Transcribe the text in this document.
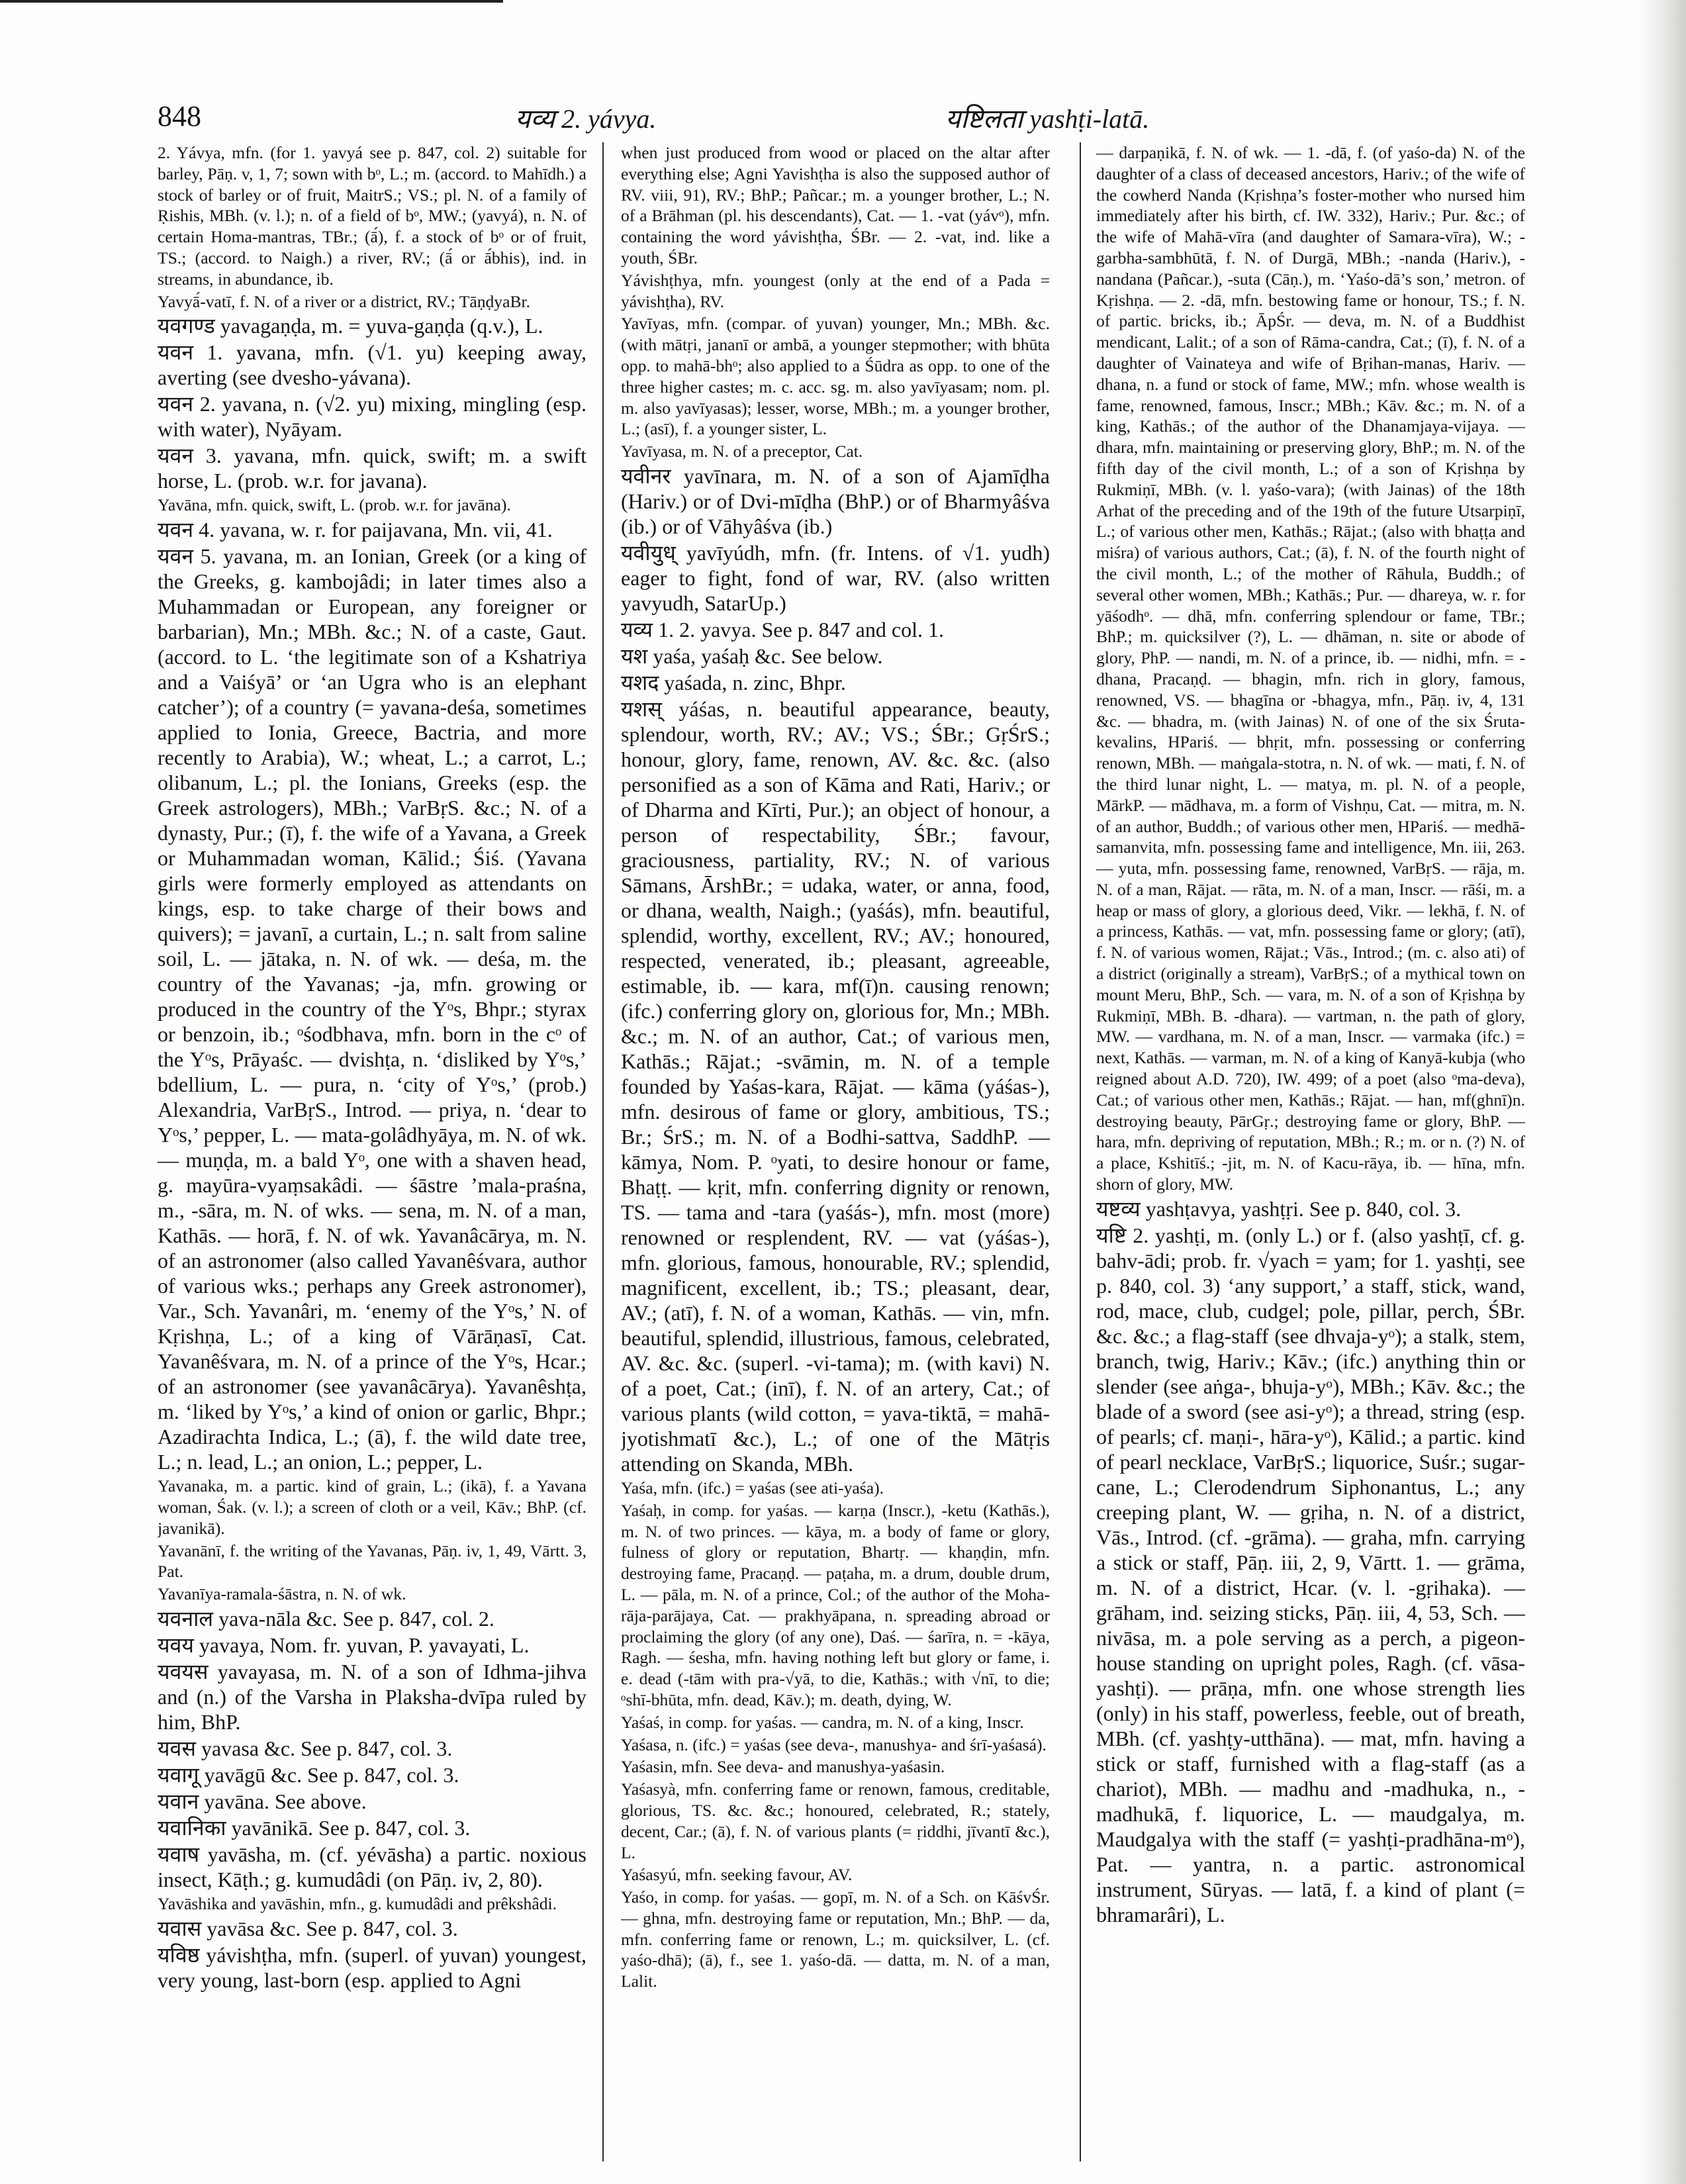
848	यव्य 2. yávya.	यष्टिलता yashṭi-latā.

2. Yávya, mfn. (for 1. yavyá see p. 847, col. 2) suitable for barley, Pāṇ. v, 1, 7; sown with bᵒ, L.; m. (accord. to Mahīdh.) a stock of barley or of fruit, MaitrS.; VS.; pl. N. of a family of Ṛishis, MBh. (v. l.); n. of a field of bᵒ, MW.; (yavyá), n. N. of certain Homa-mantras, TBr.; (ā́), f. a stock of bᵒ or of fruit, TS.; (accord. to Naigh.) a river, RV.; (ā́ or ā́bhis), ind. in streams, in abundance, ib.

Yavyā́-vatī, f. N. of a river or a district, RV.; TāṇḍyaBr.

यवगण्ड yavagaṇḍa, m. = yuva-gaṇḍa (q.v.), L.

यवन 1. yavana, mfn. (√1. yu) keeping away, averting (see dvesho-yávana).

यवन 2. yavana, n. (√2. yu) mixing, mingling (esp. with water), Nyāyam.

यवन 3. yavana, mfn. quick, swift; m. a swift horse, L. (prob. w.r. for javana).

Yavāna, mfn. quick, swift, L. (prob. w.r. for javāna).

यवन 4. yavana, w. r. for paijavana, Mn. vii, 41.

यवन 5. yavana, m. an Ionian, Greek (or a king of the Greeks, g. kambojâdi; in later times also a Muhammadan or European, any foreigner or barbarian), Mn.; MBh. &c.; N. of a caste, Gaut. (accord. to L. ‘the legitimate son of a Kshatriya and a Vaiśyā’ or ‘an Ugra who is an elephant catcher’); of a country (= yavana-deśa, sometimes applied to Ionia, Greece, Bactria, and more recently to Arabia), W.; wheat, L.; a carrot, L.; olibanum, L.; pl. the Ionians, Greeks (esp. the Greek astrologers), MBh.; VarBṛS. &c.; N. of a dynasty, Pur.; (ī), f. the wife of a Yavana, a Greek or Muhammadan woman, Kālid.; Śiś. (Yavana girls were formerly employed as attendants on kings, esp. to take charge of their bows and quivers); = javanī, a curtain, L.; n. salt from saline soil, L. — jātaka, n. N. of wk. — deśa, m. the country of the Yavanas; -ja, mfn. growing or produced in the country of the Yᵒs, Bhpr.; styrax or benzoin, ib.; ᵒśodbhava, mfn. born in the cᵒ of the Yᵒs, Prāyaśc. — dvishṭa, n. ‘disliked by Yᵒs,’ bdellium, L. — pura, n. ‘city of Yᵒs,’ (prob.) Alexandria, VarBṛS., Introd. — priya, n. ‘dear to Yᵒs,’ pepper, L. — mata-golâdhyāya, m. N. of wk. — muṇḍa, m. a bald Yᵒ, one with a shaven head, g. mayūra-vyaṃsakâdi. — śāstre ’mala-praśna, m., -sāra, m. N. of wks. — sena, m. N. of a man, Kathās. — horā, f. N. of wk. Yavanâcārya, m. N. of an astronomer (also called Yavanêśvara, author of various wks.; perhaps any Greek astronomer), Var., Sch. Yavanâri, m. ‘enemy of the Yᵒs,’ N. of Kṛishṇa, L.; of a king of Vārāṇasī, Cat. Yavanêśvara, m. N. of a prince of the Yᵒs, Hcar.; of an astronomer (see yavanâcārya). Yavanêshṭa, m. ‘liked by Yᵒs,’ a kind of onion or garlic, Bhpr.; Azadirachta Indica, L.; (ā), f. the wild date tree, L.; n. lead, L.; an onion, L.; pepper, L.

Yavanaka, m. a partic. kind of grain, L.; (ikā), f. a Yavana woman, Śak. (v. l.); a screen of cloth or a veil, Kāv.; BhP. (cf. javanikā).

Yavanānī, f. the writing of the Yavanas, Pāṇ. iv, 1, 49, Vārtt. 3, Pat.

Yavanīya-ramala-śāstra, n. N. of wk.

यवनाल yava-nāla &c. See p. 847, col. 2.

यवय yavaya, Nom. fr. yuvan, P. yavayati, L.

यवयस yavayasa, m. N. of a son of Idhma-jihva and (n.) of the Varsha in Plaksha-dvīpa ruled by him, BhP.

यवस yavasa &c. See p. 847, col. 3.

यवागू yavāgū &c. See p. 847, col. 3.

यवान yavāna. See above.

यवानिका yavānikā. See p. 847, col. 3.

यवाष yavāsha, m. (cf. yévāsha) a partic. noxious insect, Kāṭh.; g. kumudâdi (on Pāṇ. iv, 2, 80).

Yavāshika and yavāshin, mfn., g. kumudâdi and prêkshâdi.

यवास yavāsa &c. See p. 847, col. 3.

यविष्ठ yávishṭha, mfn. (superl. of yuvan) youngest, very young, last-born (esp. applied to Agni

when just produced from wood or placed on the altar after everything else; Agni Yavishṭha is also the supposed author of RV. viii, 91), RV.; BhP.; Pañcar.; m. a younger brother, L.; N. of a Brāhman (pl. his descendants), Cat. — 1. -vat (yávᵒ), mfn. containing the word yávishṭha, ŚBr. — 2. -vat, ind. like a youth, ŚBr.

Yávishṭhya, mfn. youngest (only at the end of a Pada = yávishṭha), RV.

Yavīyas, mfn. (compar. of yuvan) younger, Mn.; MBh. &c. (with mātṛi, jananī or ambā, a younger stepmother; with bhūta opp. to mahā-bhᵒ; also applied to a Śūdra as opp. to one of the three higher castes; m. c. acc. sg. m. also yavīyasam; nom. pl. m. also yavīyasas); lesser, worse, MBh.; m. a younger brother, L.; (asī), f. a younger sister, L.

Yavīyasa, m. N. of a preceptor, Cat.

यवीनर yavīnara, m. N. of a son of Ajamīḍha (Hariv.) or of Dvi-mīḍha (BhP.) or of Bharmyâśva (ib.) or of Vāhyâśva (ib.)

यवीयुध् yavīyúdh, mfn. (fr. Intens. of √1. yudh) eager to fight, fond of war, RV. (also written yavyudh, SatarUp.)

यव्य 1. 2. yavya. See p. 847 and col. 1.

यश yaśa, yaśaḥ &c. See below.

यशद yaśada, n. zinc, Bhpr.

यशस् yáśas, n. beautiful appearance, beauty, splendour, worth, RV.; AV.; VS.; ŚBr.; GṛŚrS.; honour, glory, fame, renown, AV. &c. &c. (also personified as a son of Kāma and Rati, Hariv.; or of Dharma and Kīrti, Pur.); an object of honour, a person of respectability, ŚBr.; favour, graciousness, partiality, RV.; N. of various Sāmans, ĀrshBr.; = udaka, water, or anna, food, or dhana, wealth, Naigh.; (yaśás), mfn. beautiful, splendid, worthy, excellent, RV.; AV.; honoured, respected, venerated, ib.; pleasant, agreeable, estimable, ib. — kara, mf(ī)n. causing renown; (ifc.) conferring glory on, glorious for, Mn.; MBh. &c.; m. N. of an author, Cat.; of various men, Kathās.; Rājat.; -svāmin, m. N. of a temple founded by Yaśas-kara, Rājat. — kāma (yáśas-), mfn. desirous of fame or glory, ambitious, TS.; Br.; ŚrS.; m. N. of a Bodhi-sattva, SaddhP. — kāmya, Nom. P. ᵒyati, to desire honour or fame, Bhaṭṭ. — kṛit, mfn. conferring dignity or renown, TS. — tama and -tara (yaśás-), mfn. most (more) renowned or resplendent, RV. — vat (yáśas-), mfn. glorious, famous, honourable, RV.; splendid, magnificent, excellent, ib.; TS.; pleasant, dear, AV.; (atī), f. N. of a woman, Kathās. — vin, mfn. beautiful, splendid, illustrious, famous, celebrated, AV. &c. &c. (superl. -vi-tama); m. (with kavi) N. of a poet, Cat.; (inī), f. N. of an artery, Cat.; of various plants (wild cotton, = yava-tiktā, = mahā-jyotishmatī &c.), L.; of one of the Mātṛis attending on Skanda, MBh.

Yaśa, mfn. (ifc.) = yaśas (see ati-yaśa).

Yaśaḥ, in comp. for yaśas. — karṇa (Inscr.), -ketu (Kathās.), m. N. of two princes. — kāya, m. a body of fame or glory, fulness of glory or reputation, Bhartṛ. — khaṇḍin, mfn. destroying fame, Pracaṇḍ. — paṭaha, m. a drum, double drum, L. — pāla, m. N. of a prince, Col.; of the author of the Moha-rāja-parājaya, Cat. — prakhyāpana, n. spreading abroad or proclaiming the glory (of any one), Daś. — śarīra, n. = -kāya, Ragh. — śesha, mfn. having nothing left but glory or fame, i. e. dead (-tām with pra-√yā, to die, Kathās.; with √nī, to die; ᵒshī-bhūta, mfn. dead, Kāv.); m. death, dying, W.

Yaśaś, in comp. for yaśas. — candra, m. N. of a king, Inscr.

Yaśasa, n. (ifc.) = yaśas (see deva-, manushya- and śrī-yaśasá).

Yaśasin, mfn. See deva- and manushya-yaśasin.

Yaśasyà, mfn. conferring fame or renown, famous, creditable, glorious, TS. &c. &c.; honoured, celebrated, R.; stately, decent, Car.; (ā), f. N. of various plants (= ṛiddhi, jīvantī &c.), L.

Yaśasyú, mfn. seeking favour, AV.

Yaśo, in comp. for yaśas. — gopī, m. N. of a Sch. on KāśvŚr. — ghna, mfn. destroying fame or reputation, Mn.; BhP. — da, mfn. conferring fame or renown, L.; m. quicksilver, L. (cf. yaśo-dhā); (ā), f., see 1. yaśo-dā. — datta, m. N. of a man, Lalit.

— darpaṇikā, f. N. of wk. — 1. -dā, f. (of yaśo-da) N. of the daughter of a class of deceased ancestors, Hariv.; of the wife of the cowherd Nanda (Kṛishṇa’s foster-mother who nursed him immediately after his birth, cf. IW. 332), Hariv.; Pur. &c.; of the wife of Mahā-vīra (and daughter of Samara-vīra), W.; -garbha-sambhūtā, f. N. of Durgā, MBh.; -nanda (Hariv.), -nandana (Pañcar.), -suta (Cāṇ.), m. ‘Yaśo-dā’s son,’ metron. of Kṛishṇa. — 2. -dā, mfn. bestowing fame or honour, TS.; f. N. of partic. bricks, ib.; ĀpŚr. — deva, m. N. of a Buddhist mendicant, Lalit.; of a son of Rāma-candra, Cat.; (ī), f. N. of a daughter of Vainateya and wife of Bṛihan-manas, Hariv. — dhana, n. a fund or stock of fame, MW.; mfn. whose wealth is fame, renowned, famous, Inscr.; MBh.; Kāv. &c.; m. N. of a king, Kathās.; of the author of the Dhanamjaya-vijaya. — dhara, mfn. maintaining or preserving glory, BhP.; m. N. of the fifth day of the civil month, L.; of a son of Kṛishṇa by Rukmiṇī, MBh. (v. l. yaśo-vara); (with Jainas) of the 18th Arhat of the preceding and of the 19th of the future Utsarpiṇī, L.; of various other men, Kathās.; Rājat.; (also with bhaṭṭa and miśra) of various authors, Cat.; (ā), f. N. of the fourth night of the civil month, L.; of the mother of Rāhula, Buddh.; of several other women, MBh.; Kathās.; Pur. — dhareya, w. r. for yāśodhᵒ. — dhā, mfn. conferring splendour or fame, TBr.; BhP.; m. quicksilver (?), L. — dhāman, n. site or abode of glory, PhP. — nandi, m. N. of a prince, ib. — nidhi, mfn. = -dhana, Pracaṇḍ. — bhagin, mfn. rich in glory, famous, renowned, VS. — bhagīna or -bhagya, mfn., Pāṇ. iv, 4, 131 &c. — bhadra, m. (with Jainas) N. of one of the six Śruta-kevalins, HPariś. — bhṛit, mfn. possessing or conferring renown, MBh. — maṅgala-stotra, n. N. of wk. — mati, f. N. of the third lunar night, L. — matya, m. pl. N. of a people, MārkP. — mādhava, m. a form of Vishṇu, Cat. — mitra, m. N. of an author, Buddh.; of various other men, HPariś. — medhā-samanvita, mfn. possessing fame and intelligence, Mn. iii, 263. — yuta, mfn. possessing fame, renowned, VarBṛS. — rāja, m. N. of a man, Rājat. — rāta, m. N. of a man, Inscr. — rāśi, m. a heap or mass of glory, a glorious deed, Vikr. — lekhā, f. N. of a princess, Kathās. — vat, mfn. possessing fame or glory; (atī), f. N. of various women, Rājat.; Vās., Introd.; (m. c. also ati) of a district (originally a stream), VarBṛS.; of a mythical town on mount Meru, BhP., Sch. — vara, m. N. of a son of Kṛishṇa by Rukmiṇī, MBh. B. -dhara). — vartman, n. the path of glory, MW. — vardhana, m. N. of a man, Inscr. — varmaka (ifc.) = next, Kathās. — varman, m. N. of a king of Kanyā-kubja (who reigned about A.D. 720), IW. 499; of a poet (also ᵒma-deva), Cat.; of various other men, Kathās.; Rājat. — han, mf(ghnī)n. destroying beauty, PārGṛ.; destroying fame or glory, BhP. — hara, mfn. depriving of reputation, MBh.; R.; m. or n. (?) N. of a place, Kshitīś.; -jit, m. N. of Kacu-rāya, ib. — hīna, mfn. shorn of glory, MW.

यष्टव्य yashṭavya, yashṭṛi. See p. 840, col. 3.

यष्टि 2. yashṭi, m. (only L.) or f. (also yashṭī, cf. g. bahv-ādi; prob. fr. √yach = yam; for 1. yashṭi, see p. 840, col. 3) ‘any support,’ a staff, stick, wand, rod, mace, club, cudgel; pole, pillar, perch, ŚBr. &c. &c.; a flag-staff (see dhvaja-yᵒ); a stalk, stem, branch, twig, Hariv.; Kāv.; (ifc.) anything thin or slender (see aṅga-, bhuja-yᵒ), MBh.; Kāv. &c.; the blade of a sword (see asi-yᵒ); a thread, string (esp. of pearls; cf. maṇi-, hāra-yᵒ), Kālid.; a partic. kind of pearl necklace, VarBṛS.; liquorice, Suśr.; sugar-cane, L.; Clerodendrum Siphonantus, L.; any creeping plant, W. — gṛiha, n. N. of a district, Vās., Introd. (cf. -grāma). — graha, mfn. carrying a stick or staff, Pāṇ. iii, 2, 9, Vārtt. 1. — grāma, m. N. of a district, Hcar. (v. l. -gṛihaka). — grāham, ind. seizing sticks, Pāṇ. iii, 4, 53, Sch. — nivāsa, m. a pole serving as a perch, a pigeon-house standing on upright poles, Ragh. (cf. vāsa-yashṭi). — prāṇa, mfn. one whose strength lies (only) in his staff, powerless, feeble, out of breath, MBh. (cf. yashṭy-utthāna). — mat, mfn. having a stick or staff, furnished with a flag-staff (as a chariot), MBh. — madhu and -madhuka, n., -madhukā, f. liquorice, L. — maudgalya, m. Maudgalya with the staff (= yashṭi-pradhāna-mᵒ), Pat. — yantra, n. a partic. astronomical instrument, Sūryas. — latā, f. a kind of plant (= bhramarâri), L.
